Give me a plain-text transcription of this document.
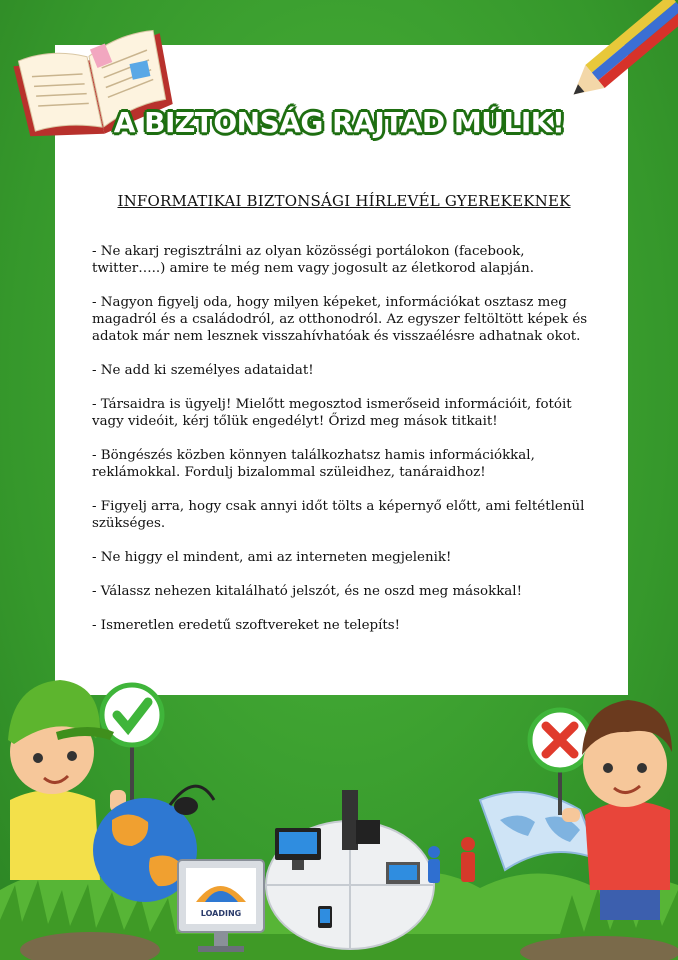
A BIZTONSÁG RAJTAD MÚLIK!
INFORMATIKAI BIZTONSÁGI HÍRLEVÉL GYEREKEKNEK

- Ne akarj regisztrálni az olyan közösségi portálokon (facebook, twitter…..) amire te még nem vagy jogosult az életkorod alapján.

- Nagyon figyelj oda, hogy milyen képeket, információkat osztasz meg magadról és a családodról, az otthonodról. Az egyszer feltöltött képek és adatok már nem lesznek visszahívhatóak és visszaélésre adhatnak okot.

- Ne add ki személyes adataidat!

- Társaidra is ügyelj! Mielőtt megosztod ismerőseid információit, fotóit vagy videóit, kérj tőlük engedélyt! Őrizd meg mások titkait!

- Böngészés közben könnyen találkozhatsz hamis információkkal, reklámokkal. Fordulj bizalommal szüleidhez, tanáraidhoz!

- Figyelj arra, hogy csak annyi időt tölts a képernyő előtt, ami feltétlenül szükséges.

- Ne higgy el mindent, ami az interneten megjelenik!

- Válassz nehezen kitalálható jelszót, és ne oszd meg másokkal!

- Ismeretlen eredetű szoftvereket ne telepíts!

LOADING
